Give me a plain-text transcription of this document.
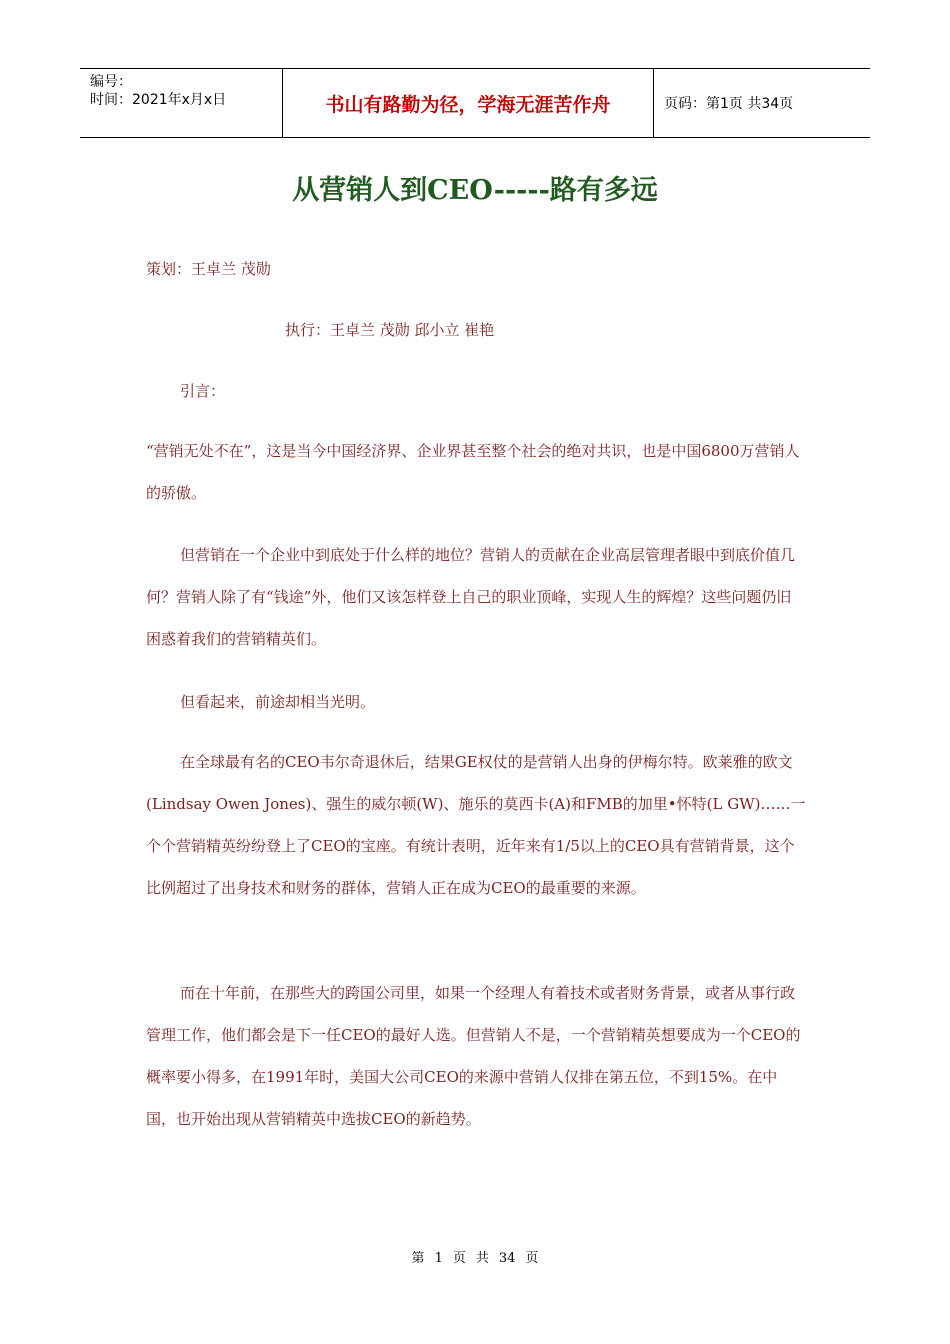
编号：
时间：2021年x月x日	书山有路勤为径，学海无涯苦作舟	页码：第1页 共34页
从营销人到CEO-----路有多远

策划：王卓兰 茂勋

执行：王卓兰 茂勋 邱小立 崔艳

引言：

“营销无处不在”，这是当今中国经济界、企业界甚至整个社会的绝对共识，也是中国6800万营销人的骄傲。

但营销在一个企业中到底处于什么样的地位？营销人的贡献在企业高层管理者眼中到底价值几何？营销人除了有“钱途”外，他们又该怎样登上自己的职业顶峰，实现人生的辉煌？这些问题仍旧困惑着我们的营销精英们。

但看起来，前途却相当光明。

在全球最有名的CEO韦尔奇退休后，结果GE权仗的是营销人出身的伊梅尔特。欧莱雅的欧文(Lindsay Owen Jones)、强生的威尔顿(W)、施乐的莫西卡(A)和FMB的加里•怀特(L GW)……一个个营销精英纷纷登上了CEO的宝座。有统计表明，近年来有1/5以上的CEO具有营销背景，这个比例超过了出身技术和财务的群体，营销人正在成为CEO的最重要的来源。

而在十年前，在那些大的跨国公司里，如果一个经理人有着技术或者财务背景，或者从事行政管理工作，他们都会是下一任CEO的最好人选。但营销人不是，一个营销精英想要成为一个CEO的概率要小得多，在1991年时，美国大公司CEO的来源中营销人仅排在第五位，不到15%。在中国，也开始出现从营销精英中选拔CEO的新趋势。

第 1 页 共 34 页
